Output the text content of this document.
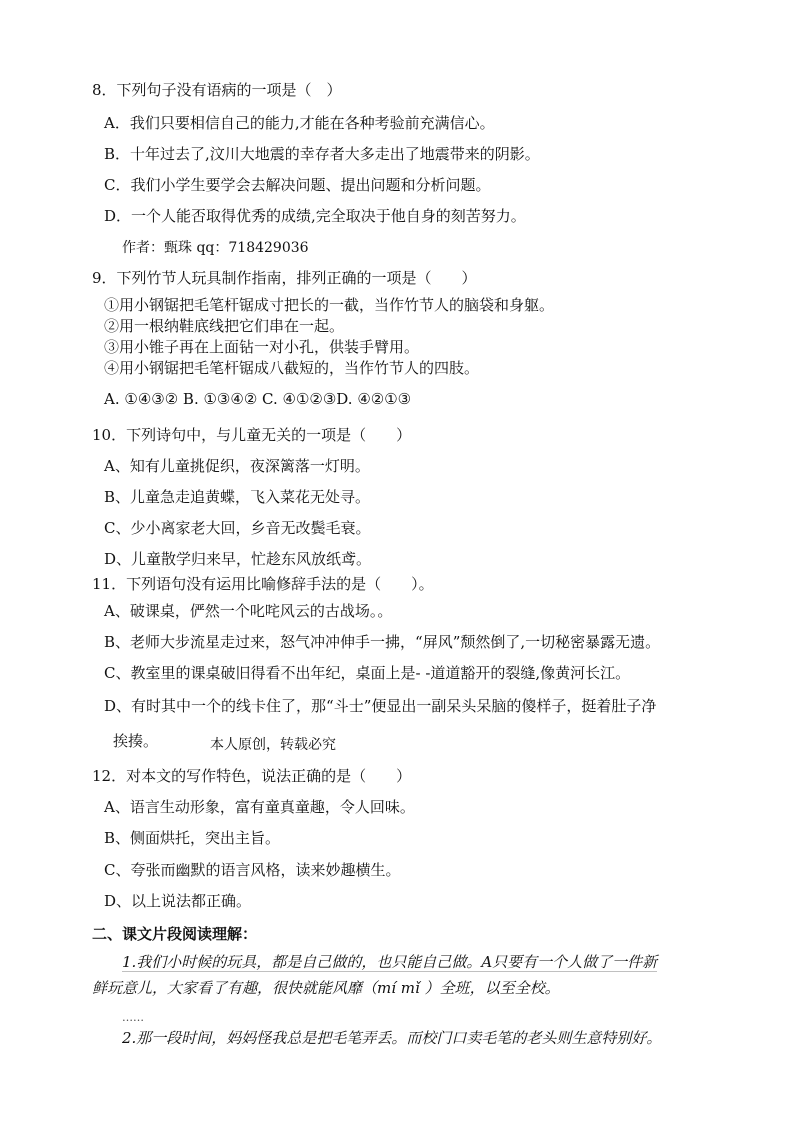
8．下列句子没有语病的一项是（　）
A．我们只要相信自己的能力,才能在各种考验前充满信心。
B．十年过去了,汶川大地震的幸存者大多走出了地震带来的阴影。
C．我们小学生要学会去解决问题、提出问题和分析问题。
D．一个人能否取得优秀的成绩,完全取决于他自身的刻苦努力。
作者：甄珠 qq：718429036
9．下列竹节人玩具制作指南，排列正确的一项是（　　）
①用小钢锯把毛笔杆锯成寸把长的一截，当作竹节人的脑袋和身躯。
②用一根纳鞋底线把它们串在一起。
③用小锥子再在上面钻一对小孔，供装手臂用。
④用小钢锯把毛笔杆锯成八截短的，当作竹节人的四肢。
A. ①④③② B. ①③④② C. ④①②③D. ④②①③
10．下列诗句中，与儿童无关的一项是（　　）
A、知有儿童挑促织，夜深篱落一灯明。
B、儿童急走追黄蝶，飞入菜花无处寻。
C、少小离家老大回，乡音无改鬓毛衰。
D、儿童散学归来早，忙趁东风放纸鸢。
11．下列语句没有运用比喻修辞手法的是（　　）。
A、破课桌，俨然一个叱咤风云的古战场。。
B、老师大步流星走过来，怒气冲冲伸手一拂，“屏风”颓然倒了,一切秘密暴露无遗。
C、教室里的课桌破旧得看不出年纪，桌面上是- -道道豁开的裂缝,像黄河长江。
D、有时其中一个的线卡住了，那“斗士”便显出一副呆头呆脑的傻样子，挺着肚子净
挨揍。	本人原创，转载必究
12．对本文的写作特色，说法正确的是（　　）
A、语言生动形象，富有童真童趣，令人回味。
B、侧面烘托，突出主旨。
C、夸张而幽默的语言风格，读来妙趣横生。
D、以上说法都正确。
二、课文片段阅读理解：
1.我们小时候的玩具，都是自己做的，也只能自己做。A只要有一个人做了一件新
鲜玩意儿，大家看了有趣，很快就能风靡（mí mǐ ）全班，以至全校。
……
2.那一段时间，妈妈怪我总是把毛笔弄丢。而校门口卖毛笔的老头则生意特别好。
